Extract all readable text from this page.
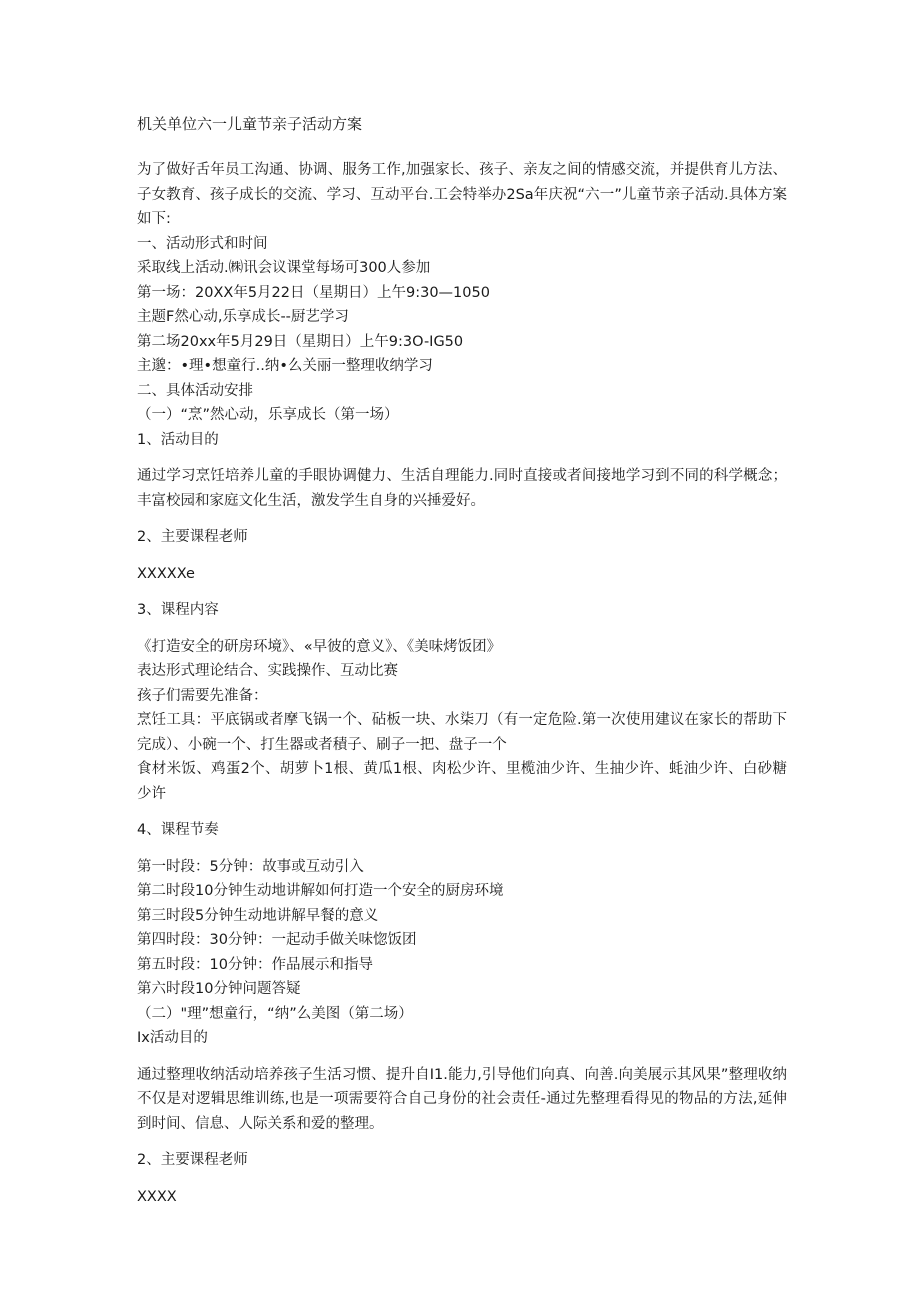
机关单位六一儿童节亲子活动方案

为了做好舌年员工沟通、协调、服务工作,加强家长、孩子、亲友之间的情感交流，并提供育儿方法、子女教育、孩子成长的交流、学习、互动平台.工会特举办2Sa年庆祝“六一”儿童节亲子活动.具体方案如下:

一、活动形式和时间

采取线上活动.㈱讯会议课堂每场可300人参加

第一场：20XX年5月22日（星期日）上午9:30—1050

主题F然心动,乐享成长--厨艺学习

第二场20xx年5月29日（星期日）上午9:3O-IG50

主邈：•理•想童行..纳•么关丽一整理收纳学习

二、具体活动安排

（一）“烹”然心动，乐享成长（第一场）

1、活动目的

通过学习烹饪培养儿童的手眼协调健力、生活自理能力.同时直接或者间接地学习到不同的科学概念；丰富校园和家庭文化生活，激发学生自身的兴捶爱好。

2、主要课程老师

XXXXXe

3、课程内容

《打造安全的研房环境》、«早彼的意义》、《美味烤饭团》

表达形式理论结合、实践操作、互动比赛

孩子们需要先准备：

烹饪工具：平底锅或者摩飞锅一个、砧板一块、水柒刀（有一定危险.第一次使用建议在家长的帮助下完成）、小碗一个、打生器或者積子、刷子一把、盘子一个

食材米饭、鸡蛋2个、胡萝卜1根、黄瓜1根、肉松少许、里榄油少许、生抽少许、蚝油少许、白砂糖少许

4、课程节奏

第一时段：5分钟：故事或互动引入

第二时段10分钟生动地讲解如何打造一个安全的厨房环境

第三时段5分钟生动地讲解早餐的意义

第四时段：30分钟：一起动手做关味惚饭团

第五时段：10分钟：作品展示和指导

第六时段10分钟问题答疑

（二）"理”想童行，“纳”么美图（第二场）

Ix活动目的

通过整理收纳活动培养孩子生活习惯、提升自I1.能力,引导他们向真、向善.向美展示其风果”整理收纳不仅是对逻辑思维训练,也是一项需要符合自己身份的社会责任-通过先整理看得见的物品的方法,延伸到时间、信息、人际关系和爱的整理。

2、主要课程老师

XXXX
